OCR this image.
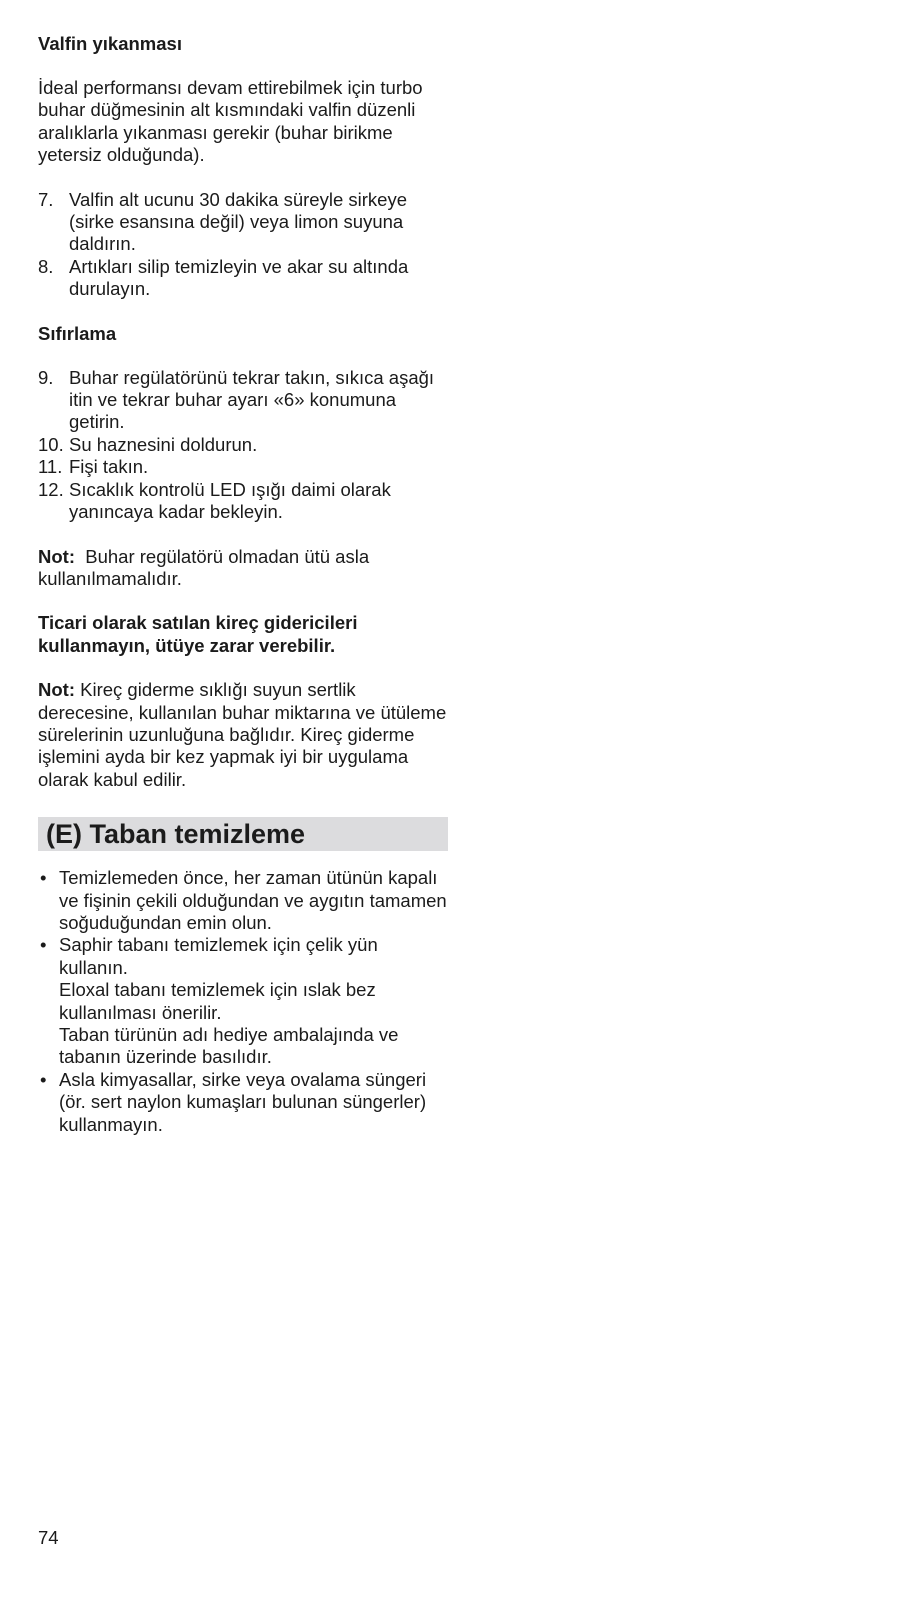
Valfin yıkanması

İdeal performansı devam ettirebilmek için turbo buhar düğmesinin alt kısmındaki valfin düzenli aralıklarla yıkanması gerekir (buhar birikme yetersiz olduğunda).

7. Valfin alt ucunu 30 dakika süreyle sirkeye (sirke esansına değil) veya limon suyuna daldırın.
8. Artıkları silip temizleyin ve akar su altında durulayın.

Sıfırlama

9. Buhar regülatörünü tekrar takın, sıkıca aşağı itin ve tekrar buhar ayarı «6» konumuna getirin.
10. Su haznesini doldurun.
11. Fişi takın.
12. Sıcaklık kontrolü LED ışığı daimi olarak yanıncaya kadar bekleyin.

Not: Buhar regülatörü olmadan ütü asla kullanılmamalıdır.

Ticari olarak satılan kireç gidericileri kullanmayın, ütüye zarar verebilir.

Not: Kireç giderme sıklığı suyun sertlik derecesine, kullanılan buhar miktarına ve ütüleme sürelerinin uzunluğuna bağlıdır. Kireç giderme işlemini ayda bir kez yapmak iyi bir uygulama olarak kabul edilir.

(E) Taban temizleme
• Temizlemeden önce, her zaman ütünün kapalı ve fişinin çekili olduğundan ve aygıtın tamamen soğuduğundan emin olun.
• Saphir tabanı temizlemek için çelik yün kullanın.
Eloxal tabanı temizlemek için ıslak bez kullanılması önerilir.
Taban türünün adı hediye ambalajında ve tabanın üzerinde basılıdır.
• Asla kimyasallar, sirke veya ovalama süngeri (ör. sert naylon kumaşları bulunan süngerler) kullanmayın.
74
